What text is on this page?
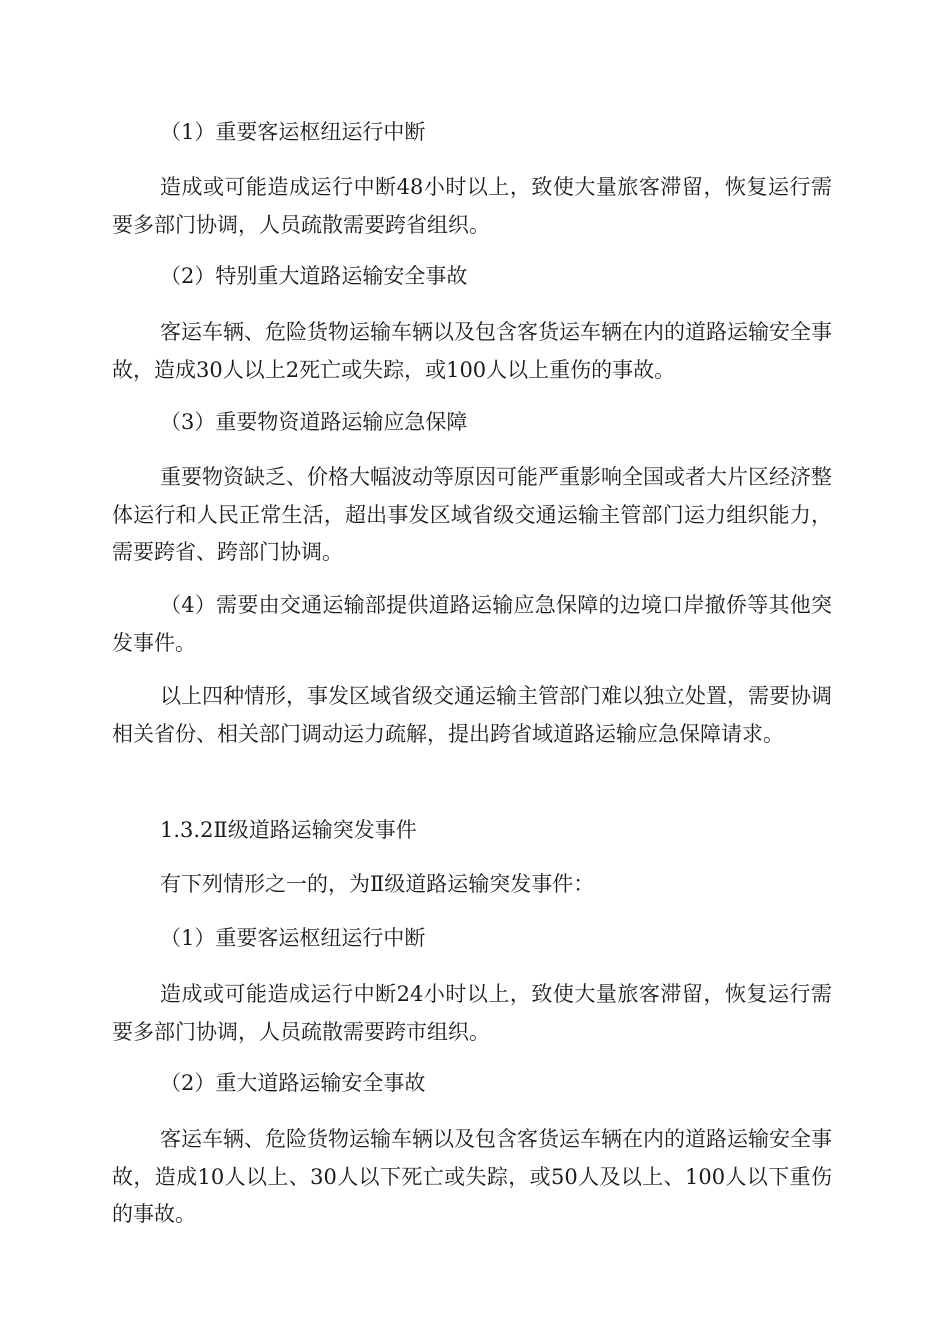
（1）重要客运枢纽运行中断

造成或可能造成运行中断48小时以上，致使大量旅客滞留，恢复运行需要多部门协调，人员疏散需要跨省组织。

（2）特别重大道路运输安全事故

客运车辆、危险货物运输车辆以及包含客货运车辆在内的道路运输安全事故，造成30人以上2死亡或失踪，或100人以上重伤的事故。

（3）重要物资道路运输应急保障

重要物资缺乏、价格大幅波动等原因可能严重影响全国或者大片区经济整体运行和人民正常生活，超出事发区域省级交通运输主管部门运力组织能力，需要跨省、跨部门协调。

（4）需要由交通运输部提供道路运输应急保障的边境口岸撤侨等其他突发事件。

以上四种情形，事发区域省级交通运输主管部门难以独立处置，需要协调相关省份、相关部门调动运力疏解，提出跨省域道路运输应急保障请求。

1.3.2Ⅱ级道路运输突发事件

有下列情形之一的，为Ⅱ级道路运输突发事件：

（1）重要客运枢纽运行中断

造成或可能造成运行中断24小时以上，致使大量旅客滞留，恢复运行需要多部门协调，人员疏散需要跨市组织。

（2）重大道路运输安全事故

客运车辆、危险货物运输车辆以及包含客货运车辆在内的道路运输安全事故，造成10人以上、30人以下死亡或失踪，或50人及以上、100人以下重伤的事故。
